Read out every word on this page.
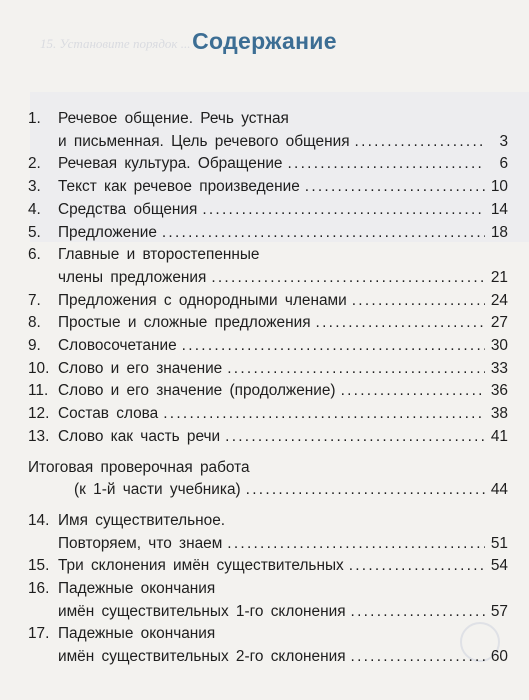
15. Установите порядок ... Содержание
1.	Речевое общение. Речь устная
и письменная. Цель речевого общения . . .	3
2.	Речевая культура. Обращение . . .	6
3.	Текст как речевое произведение . . .	10
4.	Средства общения . . .	14
5.	Предложение . . .	18
6.	Главные и второстепенные
члены предложения . . .	21
7.	Предложения с однородными членами . . .	24
8.	Простые и сложные предложения . . .	27
9.	Словосочетание . . .	30
10. Слово и его значение . . .	33
11. Слово и его значение (продолжение) . . .	36
12. Состав слова . . .	38
13. Слово как часть речи . . .	41
Итоговая проверочная работа
(к 1-й части учебника) . . .	44
14. Имя существительное.
Повторяем, что знаем . . .	51
15. Три склонения имён существительных . . .	54
16. Падежные окончания
имён существительных 1-го склонения . . .	57
17. Падежные окончания
имён существительных 2-го склонения . . .	60
